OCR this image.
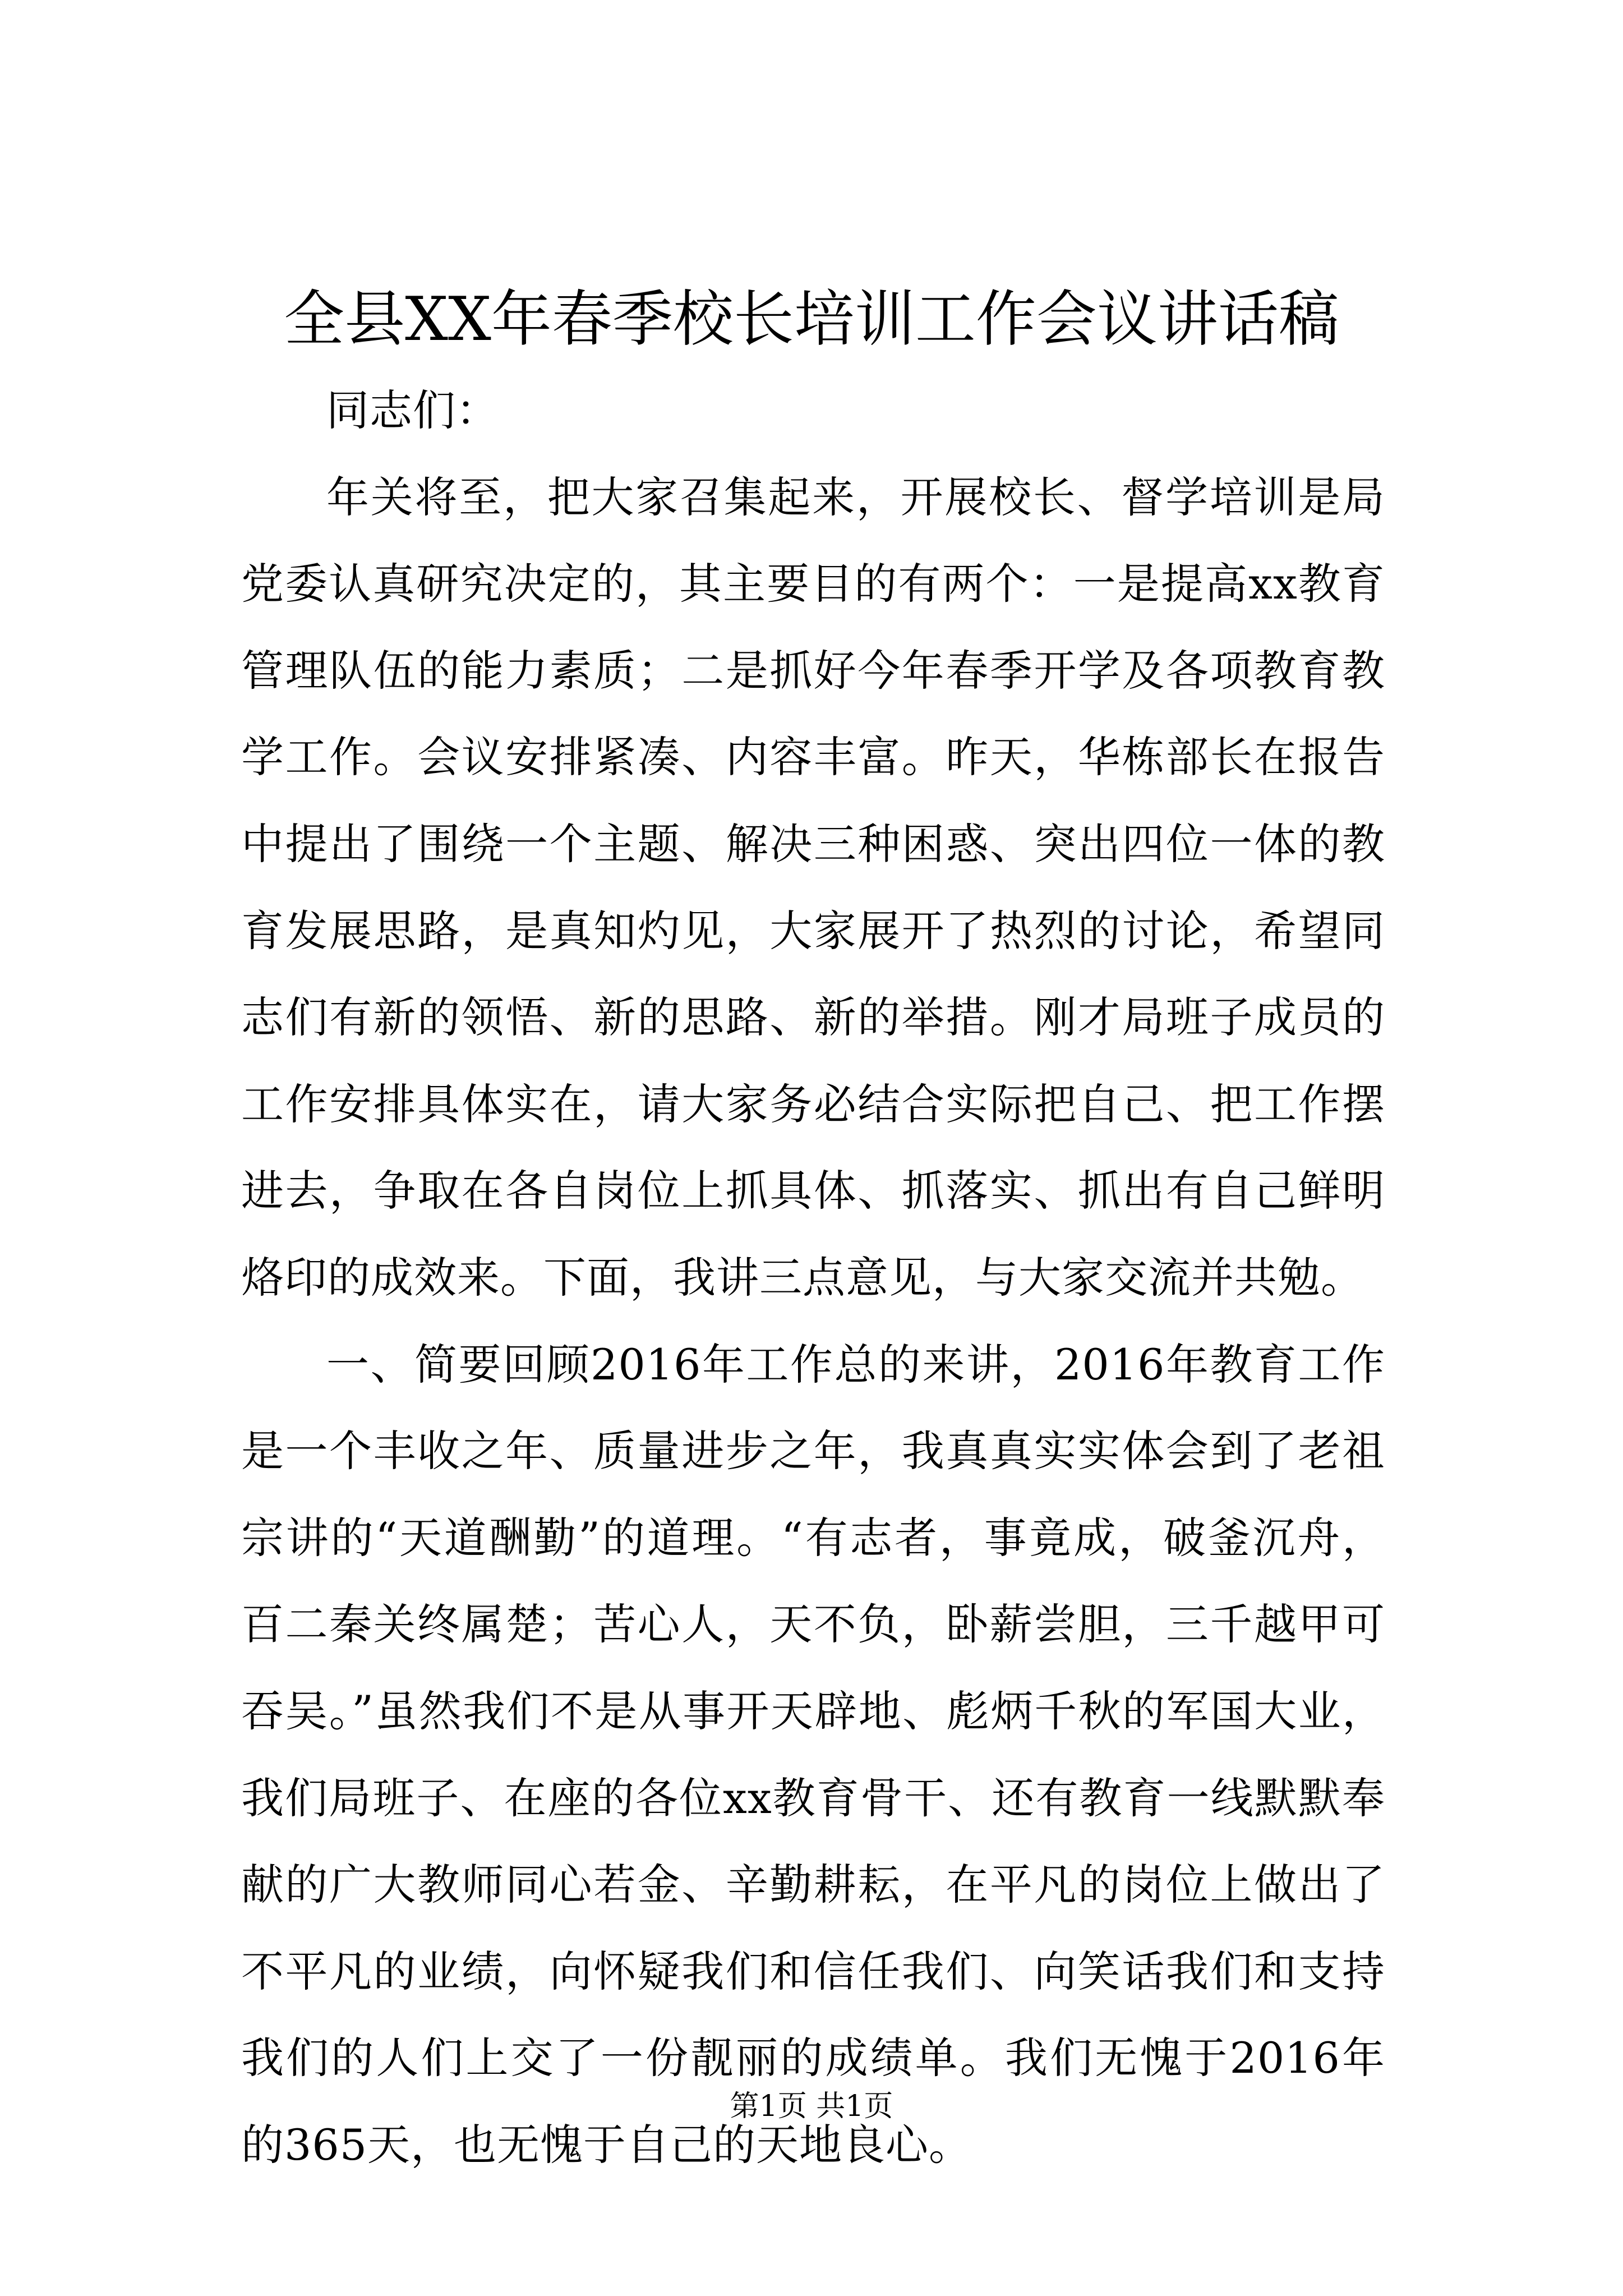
全县XX年春季校长培训工作会议讲话稿

同志们：

年关将至，把大家召集起来，开展校长、督学培训是局党委认真研究决定的，其主要目的有两个：一是提高xx教育管理队伍的能力素质；二是抓好今年春季开学及各项教育教学工作。会议安排紧凑、内容丰富。昨天，华栋部长在报告中提出了围绕一个主题、解决三种困惑、突出四位一体的教育发展思路，是真知灼见，大家展开了热烈的讨论，希望同志们有新的领悟、新的思路、新的举措。刚才局班子成员的工作安排具体实在，请大家务必结合实际把自己、把工作摆进去，争取在各自岗位上抓具体、抓落实、抓出有自己鲜明烙印的成效来。下面，我讲三点意见，与大家交流并共勉。

一、简要回顾2016年工作总的来讲，2016年教育工作是一个丰收之年、质量进步之年，我真真实实体会到了老祖宗讲的“天道酬勤”的道理。“有志者，事竟成，破釜沉舟，百二秦关终属楚；苦心人，天不负，卧薪尝胆，三千越甲可吞吴。”虽然我们不是从事开天辟地、彪炳千秋的军国大业，我们局班子、在座的各位xx教育骨干、还有教育一线默默奉献的广大教师同心若金、辛勤耕耘，在平凡的岗位上做出了不平凡的业绩，向怀疑我们和信任我们、向笑话我们和支持我们的人们上交了一份靓丽的成绩单。我们无愧于2016年的365天，也无愧于自己的天地良心。

第1页 共1页
